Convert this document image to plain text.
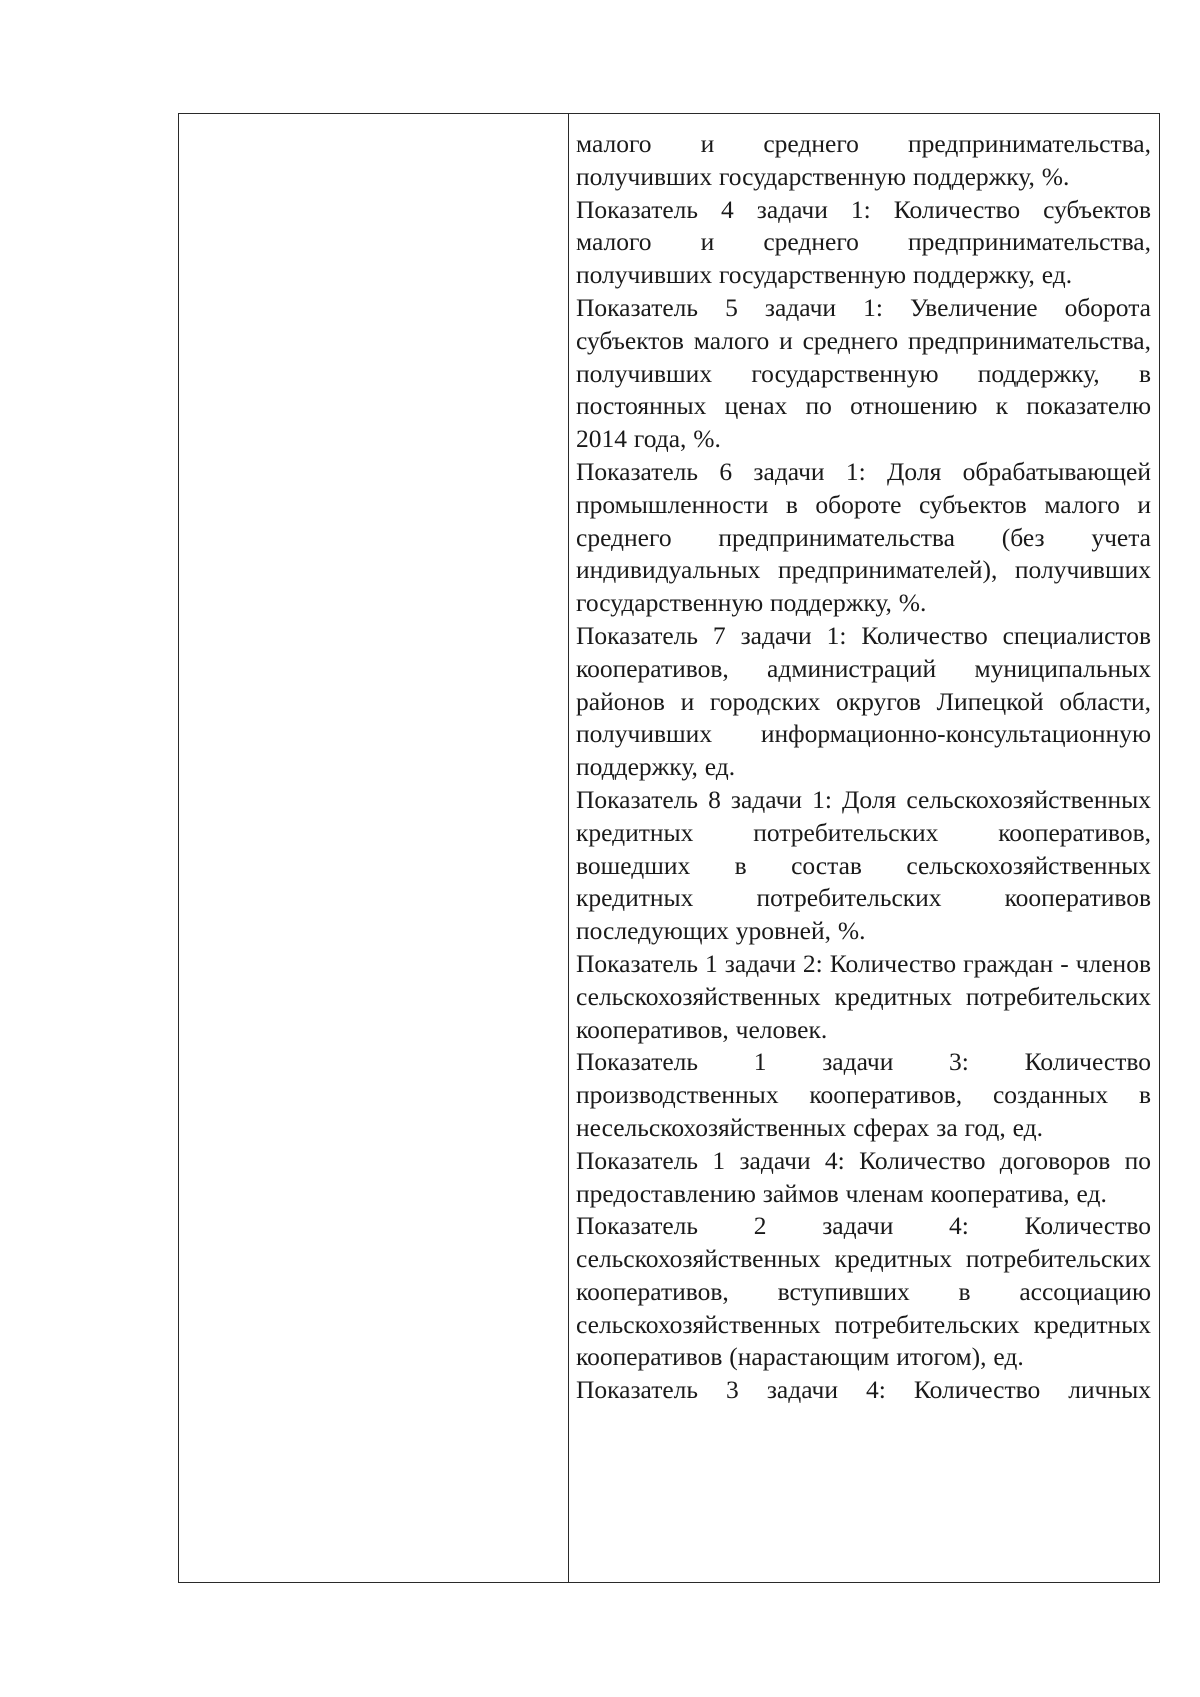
малого и среднего предпринимательства, получивших государственную поддержку, %.

Показатель 4 задачи 1: Количество субъектов малого и среднего предпринимательства, получивших государственную поддержку, ед.

Показатель 5 задачи 1: Увеличение оборота субъектов малого и среднего предпринимательства, получивших государственную поддержку, в постоянных ценах по отношению к показателю 2014 года, %.

Показатель 6 задачи 1: Доля обрабатывающей промышленности в обороте субъектов малого и среднего предпринимательства (без учета индивидуальных предпринимателей), получивших государственную поддержку, %.

Показатель 7 задачи 1: Количество специалистов кооперативов, администраций муниципальных районов и городских округов Липецкой области, получивших информационно-консультационную поддержку, ед.

Показатель 8 задачи 1: Доля сельскохозяйственных кредитных потребительских кооперативов, вошедших в состав сельскохозяйственных кредитных потребительских кооперативов последующих уровней, %.

Показатель 1 задачи 2: Количество граждан - членов сельскохозяйственных кредитных потребительских кооперативов, человек.

Показатель 1 задачи 3: Количество производственных кооперативов, созданных в несельскохозяйственных сферах за год, ед.

Показатель 1 задачи 4: Количество договоров по предоставлению займов членам кооператива, ед.

Показатель 2 задачи 4: Количество сельскохозяйственных кредитных потребительских кооперативов, вступивших в ассоциацию сельскохозяйственных потребительских кредитных кооперативов (нарастающим итогом), ед.

Показатель 3 задачи 4: Количество личных
